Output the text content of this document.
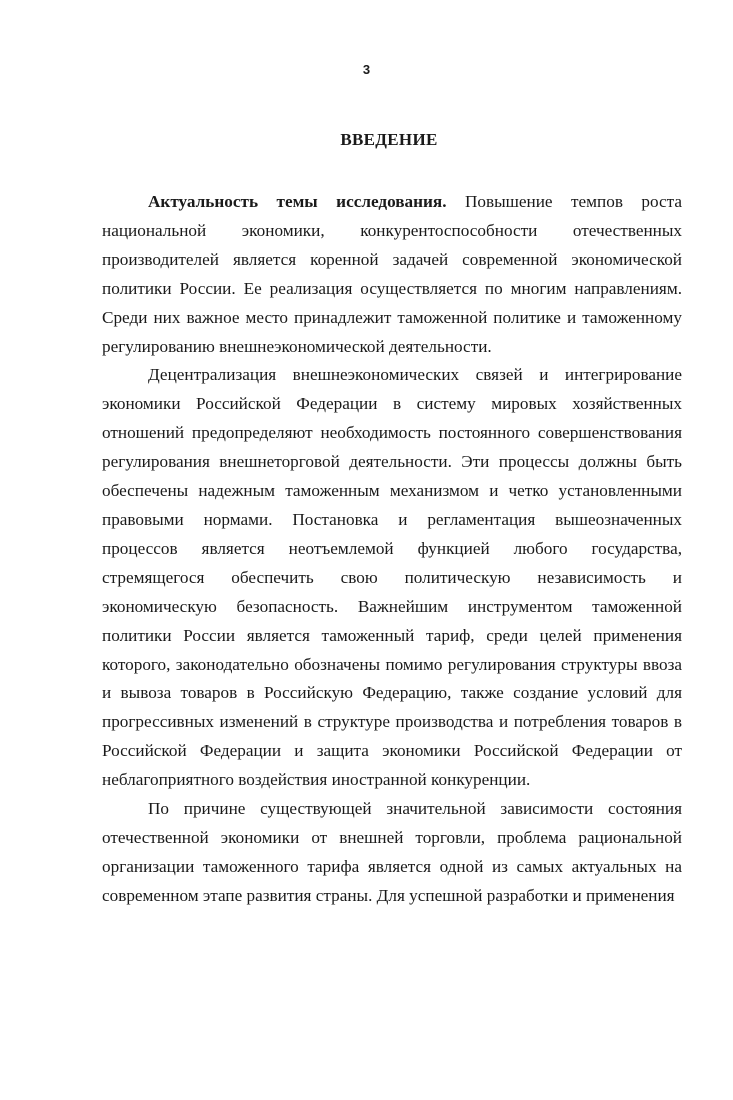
3
ВВЕДЕНИЕ

Актуальность темы исследования. Повышение темпов роста национальной экономики, конкурентоспособности отечественных производителей является коренной задачей современной экономической политики России. Ее реализация осуществляется по многим направлениям. Среди них важное место принадлежит таможенной политике и таможенному регулированию внешнеэкономической деятельности.

Децентрализация внешнеэкономических связей и интегрирование экономики Российской Федерации в систему мировых хозяйственных отношений предопределяют необходимость постоянного совершенствования регулирования внешнеторговой деятельности. Эти процессы должны быть обеспечены надежным таможенным механизмом и четко установленными правовыми нормами. Постановка и регламентация вышеозначенных процессов является неотъемлемой функцией любого государства, стремящегося обеспечить свою политическую независимость и экономическую безопасность. Важнейшим инструментом таможенной политики России является таможенный тариф, среди целей применения которого, законодательно обозначены помимо регулирования структуры ввоза и вывоза товаров в Российскую Федерацию, также создание условий для прогрессивных изменений в структуре производства и потребления товаров в Российской Федерации и защита экономики Российской Федерации от неблагоприятного воздействия иностранной конкуренции.

По причине существующей значительной зависимости состояния отечественной экономики от внешней торговли, проблема рациональной организации таможенного тарифа является одной из самых актуальных на современном этапе развития страны. Для успешной разработки и применения
